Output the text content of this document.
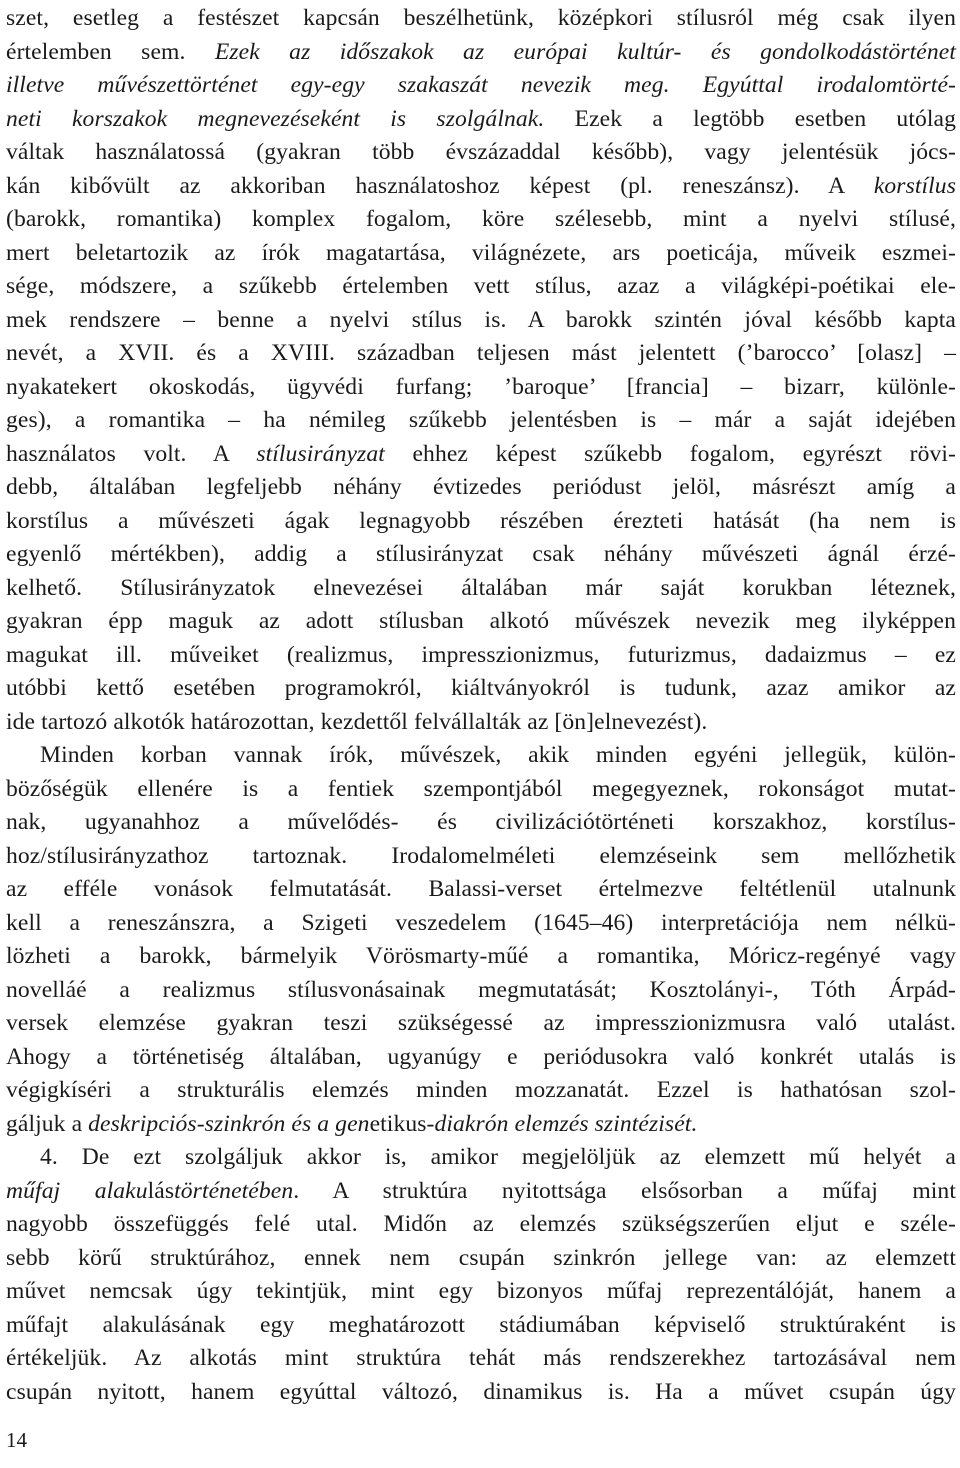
szet, esetleg a festészet kapcsán beszélhetünk, középkori stílusról még csak ilyen
értelemben sem. Ezek az időszakok az európai kultúr- és gondolkodástörténet
illetve művészettörténet egy-egy szakaszát nevezik meg. Egyúttal irodalomtörté-
neti korszakok megnevezéseként is szolgálnak. Ezek a legtöbb esetben utólag
váltak használatossá (gyakran több évszázaddal később), vagy jelentésük jócs-
kán kibővült az akkoriban használatoshoz képest (pl. reneszánsz). A korstílus
(barokk, romantika) komplex fogalom, köre szélesebb, mint a nyelvi stílusé,
mert beletartozik az írók magatartása, világnézete, ars poeticája, műveik eszmei-
sége, módszere, a szűkebb értelemben vett stílus, azaz a világképi-poétikai ele-
mek rendszere – benne a nyelvi stílus is. A barokk szintén jóval később kapta
nevét, a XVII. és a XVIII. században teljesen mást jelentett (’barocco’ [olasz] –
nyakatekert okoskodás, ügyvédi furfang; ’baroque’ [francia] – bizarr, különle-
ges), a romantika – ha némileg szűkebb jelentésben is – már a saját idejében
használatos volt. A stílusirányzat ehhez képest szűkebb fogalom, egyrészt rövi-
debb, általában legfeljebb néhány évtizedes periódust jelöl, másrészt amíg a
korstílus a művészeti ágak legnagyobb részében érezteti hatását (ha nem is
egyenlő mértékben), addig a stílusirányzat csak néhány művészeti ágnál érzé-
kelhető. Stílusirányzatok elnevezései általában már saját korukban léteznek,
gyakran épp maguk az adott stílusban alkotó művészek nevezik meg ilyképpen
magukat ill. műveiket (realizmus, impresszionizmus, futurizmus, dadaizmus – ez
utóbbi kettő esetében programokról, kiáltványokról is tudunk, azaz amikor az
ide tartozó alkotók határozottan, kezdettől felvállalták az [ön]elnevezést).
Minden korban vannak írók, művészek, akik minden egyéni jellegük, külön-
bözőségük ellenére is a fentiek szempontjából megegyeznek, rokonságot mutat-
nak, ugyanahhoz a művelődés- és civilizációtörténeti korszakhoz, korstílus-
hoz/stílusirányzathoz tartoznak. Irodalomelméleti elemzéseink sem mellőzhetik
az efféle vonások felmutatását. Balassi-verset értelmezve feltétlenül utalnunk
kell a reneszánszra, a Szigeti veszedelem (1645–46) interpretációja nem nélkü-
lözheti a barokk, bármelyik Vörösmarty-műé a romantika, Móricz-regényé vagy
novelláé a realizmus stílusvonásainak megmutatását; Kosztolányi-, Tóth Árpád-
versek elemzése gyakran teszi szükségessé az impresszionizmusra való utalást.
Ahogy a történetiség általában, ugyanúgy e periódusokra való konkrét utalás is
végigkíséri a strukturális elemzés minden mozzanatát. Ezzel is hathatósan szol-
gáljuk a deskripciós-szinkrón és a genetikus-diakrón elemzés szintézisét.
4. De ezt szolgáljuk akkor is, amikor megjelöljük az elemzett mű helyét a
műfaj alakulástörténetében. A struktúra nyitottsága elsősorban a műfaj mint
nagyobb összefüggés felé utal. Midőn az elemzés szükségszerűen eljut e széle-
sebb körű struktúrához, ennek nem csupán szinkrón jellege van: az elemzett
művet nemcsak úgy tekintjük, mint egy bizonyos műfaj reprezentálóját, hanem a
műfajt alakulásának egy meghatározott stádiumában képviselő struktúraként is
értékeljük. Az alkotás mint struktúra tehát más rendszerekhez tartozásával nem
csupán nyitott, hanem egyúttal változó, dinamikus is. Ha a művet csupán úgy
14
